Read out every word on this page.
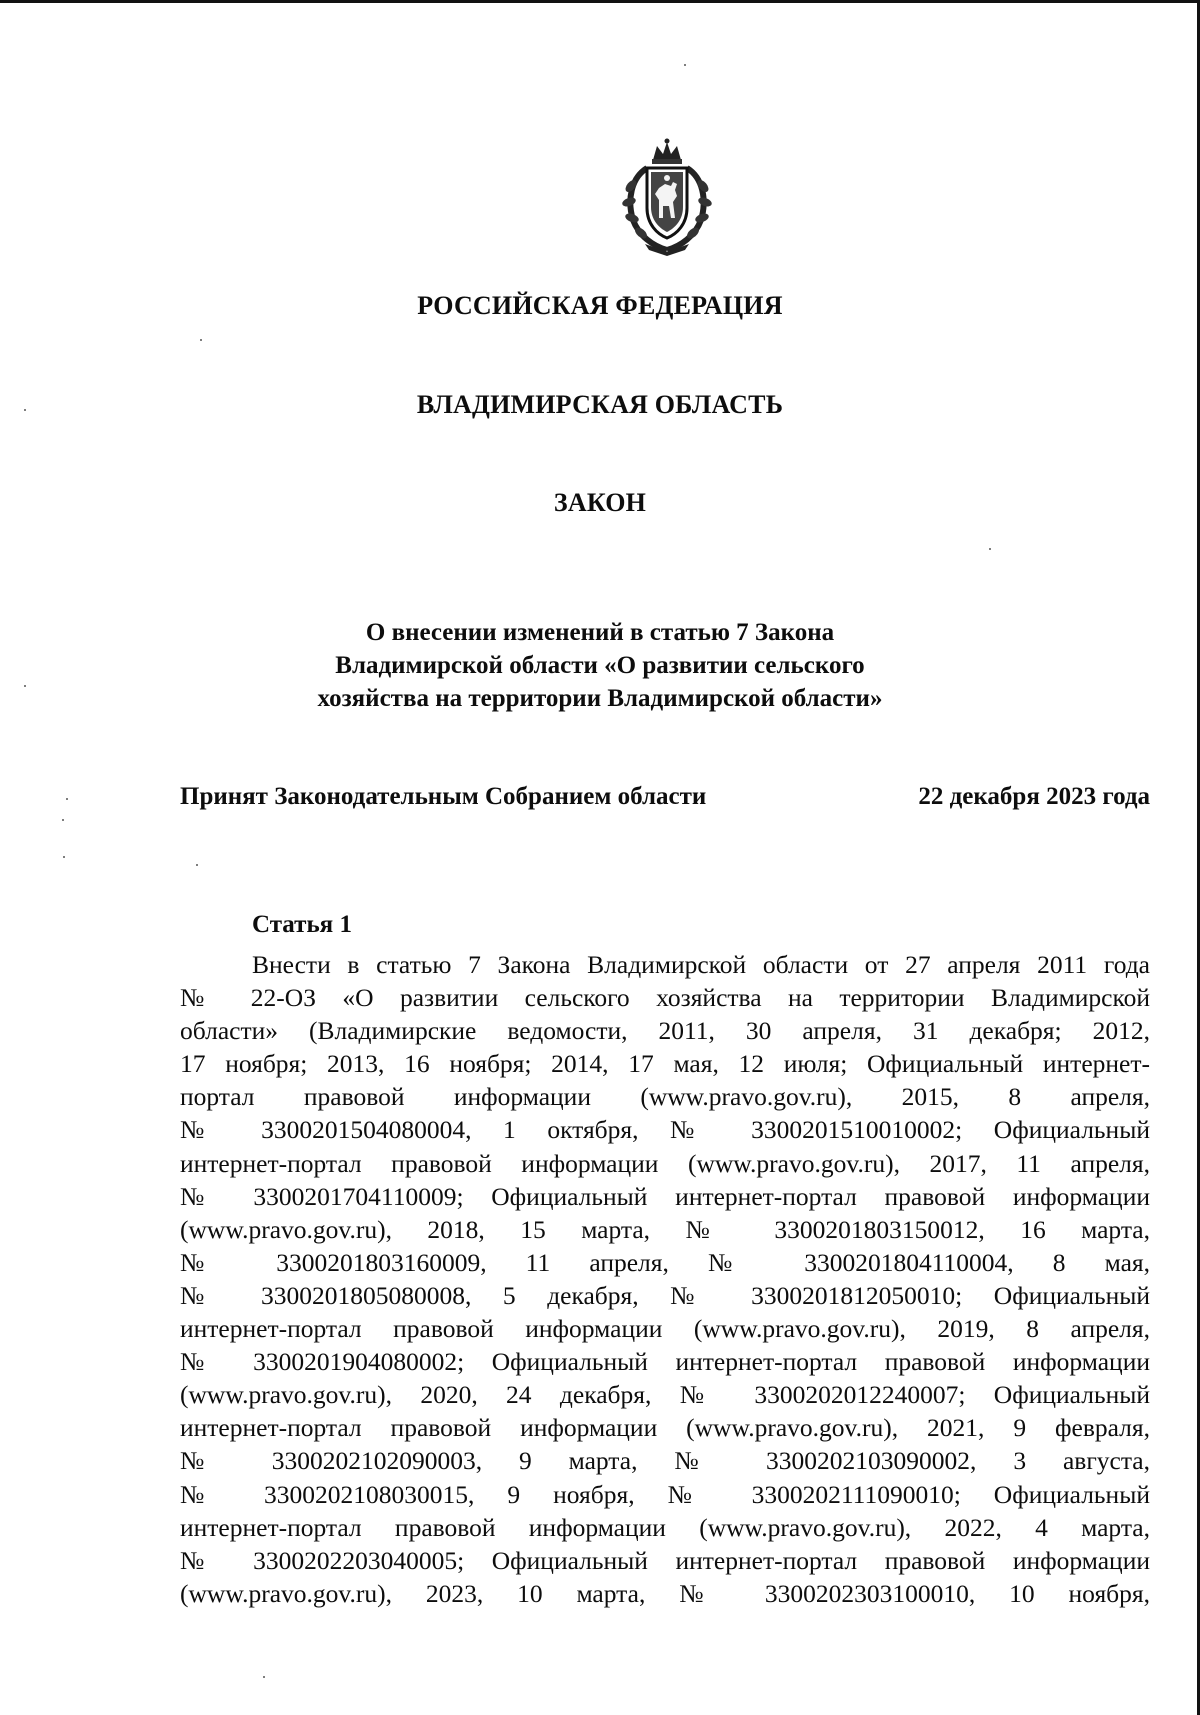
РОССИЙСКАЯ ФЕДЕРАЦИЯ
ВЛАДИМИРСКАЯ ОБЛАСТЬ
ЗАКОН
О внесении изменений в статью 7 Закона
Владимирской области «О развитии сельского
хозяйства на территории Владимирской области»
Принят Законодательным Собранием области	22 декабря 2023 года
Статья 1
Внести в статью 7 Закона Владимирской области от 27 апреля 2011 года
№ 22-ОЗ «О развитии сельского хозяйства на территории Владимирской
области» (Владимирские ведомости, 2011, 30 апреля, 31 декабря; 2012,
17 ноября; 2013, 16 ноября; 2014, 17 мая, 12 июля; Официальный интернет-
портал правовой информации (www.pravo.gov.ru), 2015, 8 апреля,
№ 3300201504080004, 1 октября, № 3300201510010002; Официальный
интернет-портал правовой информации (www.pravo.gov.ru), 2017, 11 апреля,
№ 3300201704110009; Официальный интернет-портал правовой информации
(www.pravo.gov.ru), 2018, 15 марта, № 3300201803150012, 16 марта,
№ 3300201803160009, 11 апреля, № 3300201804110004, 8 мая,
№ 3300201805080008, 5 декабря, № 3300201812050010; Официальный
интернет-портал правовой информации (www.pravo.gov.ru), 2019, 8 апреля,
№ 3300201904080002; Официальный интернет-портал правовой информации
(www.pravo.gov.ru), 2020, 24 декабря, № 3300202012240007; Официальный
интернет-портал правовой информации (www.pravo.gov.ru), 2021, 9 февраля,
№ 3300202102090003, 9 марта, № 3300202103090002, 3 августа,
№ 3300202108030015, 9 ноября, № 3300202111090010; Официальный
интернет-портал правовой информации (www.pravo.gov.ru), 2022, 4 марта,
№ 3300202203040005; Официальный интернет-портал правовой информации
(www.pravo.gov.ru), 2023, 10 марта, № 3300202303100010, 10 ноября,
